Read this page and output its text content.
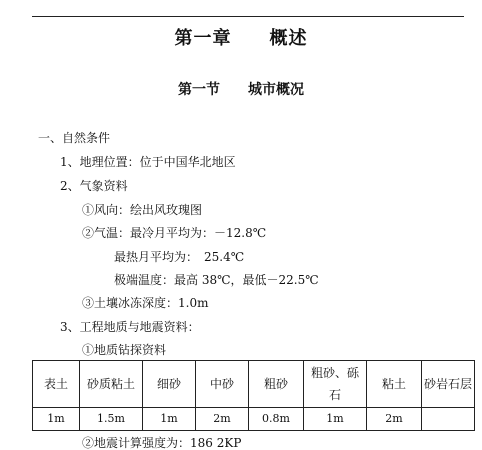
第一章　　概述
第一节　　城市概况
一、自然条件
1、地理位置：位于中国华北地区
2、气象资料
①风向：绘出风玫瑰图
②气温：最冷月平均为：－12.8℃
最热月平均为：　25.4℃
极端温度：最高 38℃，最低－22.5℃
③土壤冰冻深度：1.0m
3、工程地质与地震资料：
①地质钻探资料
表土	砂质粘土	细砂	中砂	粗砂	粗砂、砾石	粘土	砂岩石层
1m	1.5m	1m	2m	0.8m	1m	2m	
②地震计算强度为：186 2KP
